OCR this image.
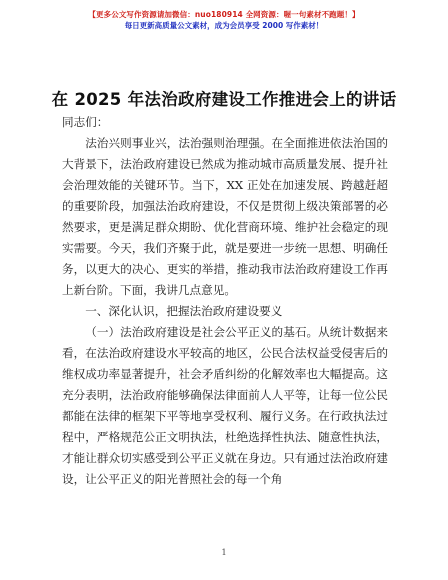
【更多公文写作资源请加微信：nuo180914 全网资源：喔一句素材不跑题！】
每日更新高质量公文素材，成为会员享受 2000 写作素材！
在 2025 年法治政府建设工作推进会上的讲话

同志们：

法治兴则事业兴，法治强则治理强。在全面推进依法治国的大背景下，法治政府建设已然成为推动城市高质量发展、提升社会治理效能的关键环节。当下，XX 正处在加速发展、跨越赶超的重要阶段，加强法治政府建设，不仅是贯彻上级决策部署的必然要求，更是满足群众期盼、优化营商环境、维护社会稳定的现实需要。今天，我们齐聚于此，就是要进一步统一思想、明确任务，以更大的决心、更实的举措，推动我市法治政府建设工作再上新台阶。下面，我讲几点意见。

一、深化认识，把握法治政府建设要义

（一）法治政府建设是社会公平正义的基石。从统计数据来看，在法治政府建设水平较高的地区，公民合法权益受侵害后的维权成功率显著提升，社会矛盾纠纷的化解效率也大幅提高。这充分表明，法治政府能够确保法律面前人人平等，让每一位公民都能在法律的框架下平等地享受权利、履行义务。在行政执法过程中，严格规范公正文明执法，杜绝选择性执法、随意性执法，才能让群众切实感受到公平正义就在身边。只有通过法治政府建设，让公平正义的阳光普照社会的每一个角

1
